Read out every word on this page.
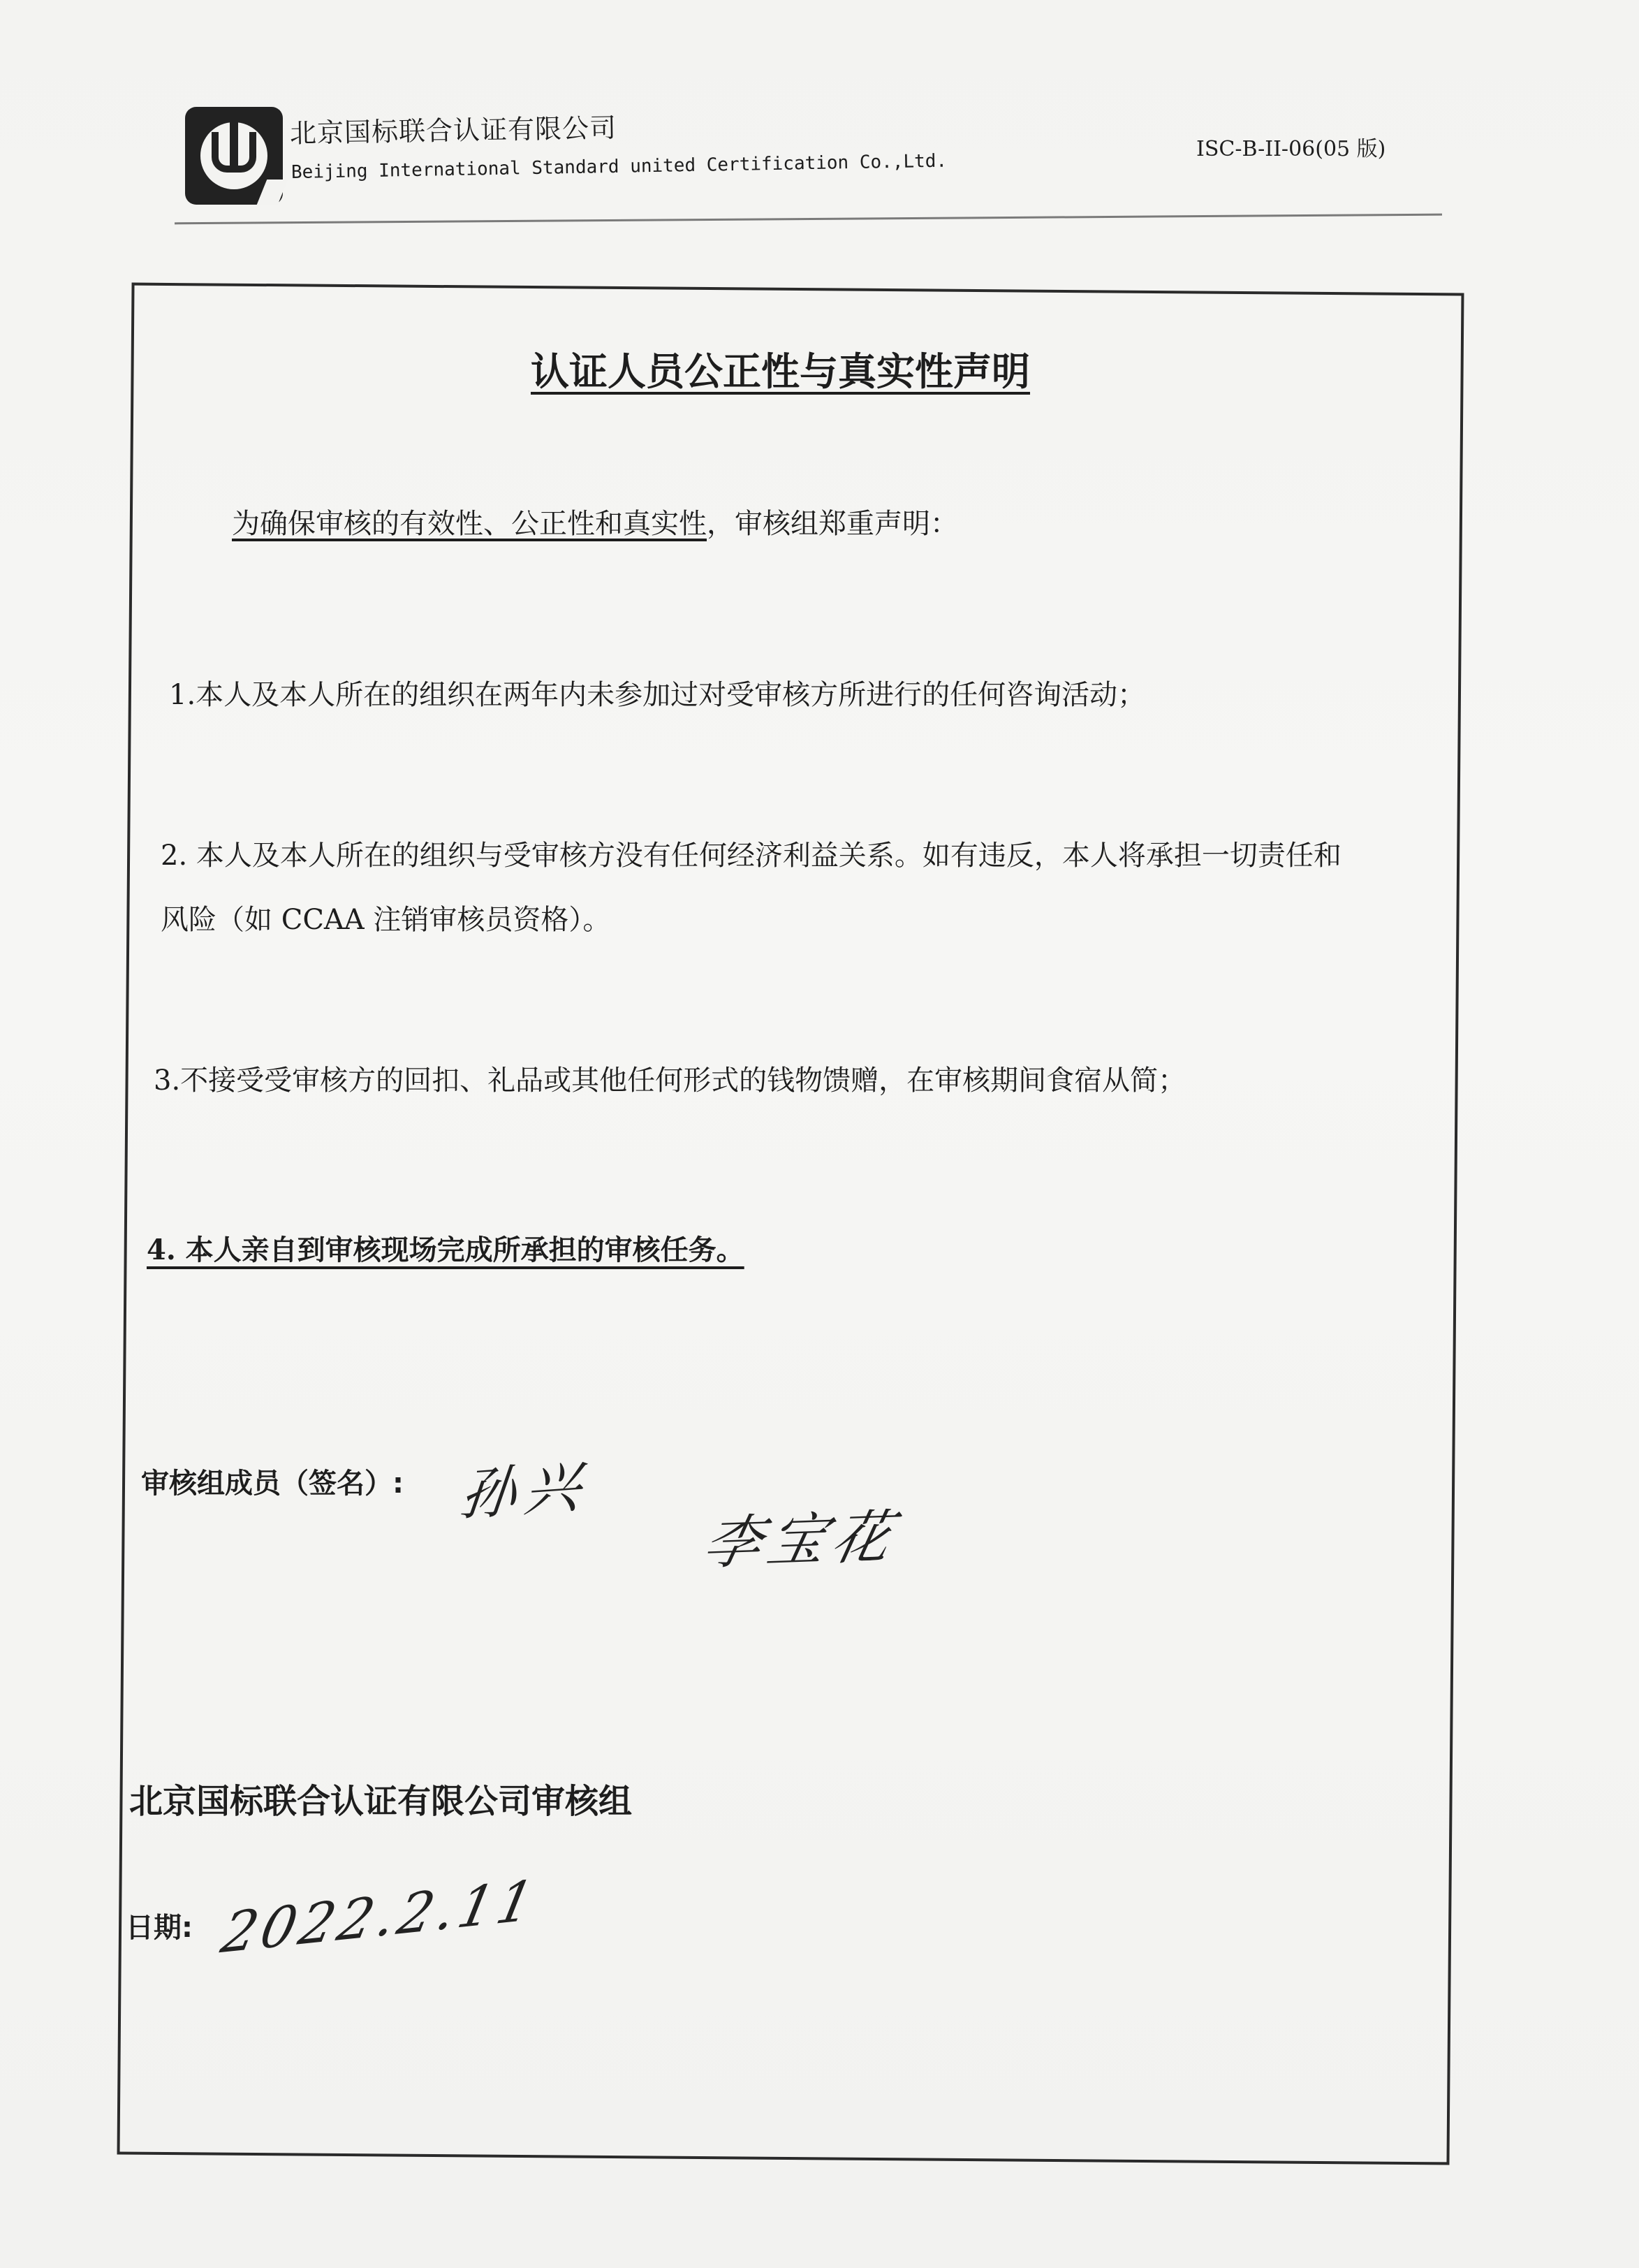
北京国标联合认证有限公司
Beijing International Standard united Certification Co.,Ltd.
ISC-B-II-06(05 版)
认证人员公正性与真实性声明

为确保审核的有效性、公正性和真实性，审核组郑重声明：

1.本人及本人所在的组织在两年内未参加过对受审核方所进行的任何咨询活动；

2. 本人及本人所在的组织与受审核方没有任何经济利益关系。如有违反，本人将承担一切责任和

风险（如 CCAA 注销审核员资格）。

3.不接受受审核方的回扣、礼品或其他任何形式的钱物馈赠，在审核期间食宿从简；

4. 本人亲自到审核现场完成所承担的审核任务。

审核组成员（签名）: 孙兴
李宝花

北京国标联合认证有限公司审核组

日期: 2022.2.11
